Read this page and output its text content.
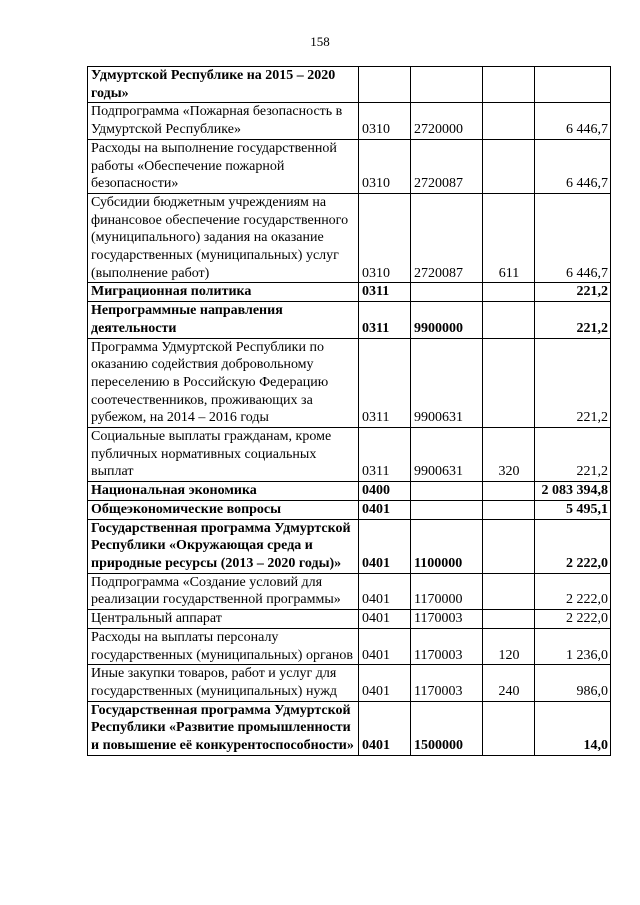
158
Удмуртской Республике на 2015 – 2020 годы»				
Подпрограмма «Пожарная безопасность в Удмуртской Республике»	0310	2720000		6 446,7
Расходы на выполнение государственной работы «Обеспечение пожарной безопасности»	0310	2720087		6 446,7
Субсидии бюджетным учреждениям на финансовое обеспечение государственного (муниципального) задания на оказание государственных (муниципальных) услуг (выполнение работ)	0310	2720087	611	6 446,7
Миграционная политика	0311			221,2
Непрограммные направления деятельности	0311	9900000		221,2
Программа Удмуртской Республики по оказанию содействия добровольному переселению в Российскую Федерацию соотечественников, проживающих за рубежом, на 2014 – 2016 годы	0311	9900631		221,2
Социальные выплаты гражданам, кроме публичных нормативных социальных выплат	0311	9900631	320	221,2
Национальная экономика	0400			2 083 394,8
Общеэкономические вопросы	0401			5 495,1
Государственная программа Удмуртской Республики «Окружающая среда и природные ресурсы (2013 – 2020 годы)»	0401	1100000		2 222,0
Подпрограмма «Создание условий для реализации государственной программы»	0401	1170000		2 222,0
Центральный аппарат	0401	1170003		2 222,0
Расходы на выплаты персоналу государственных (муниципальных) органов	0401	1170003	120	1 236,0
Иные закупки товаров, работ и услуг для государственных (муниципальных) нужд	0401	1170003	240	986,0
Государственная программа Удмуртской Республики «Развитие промышленности и повышение её конкурентоспособности»	0401	1500000		14,0
